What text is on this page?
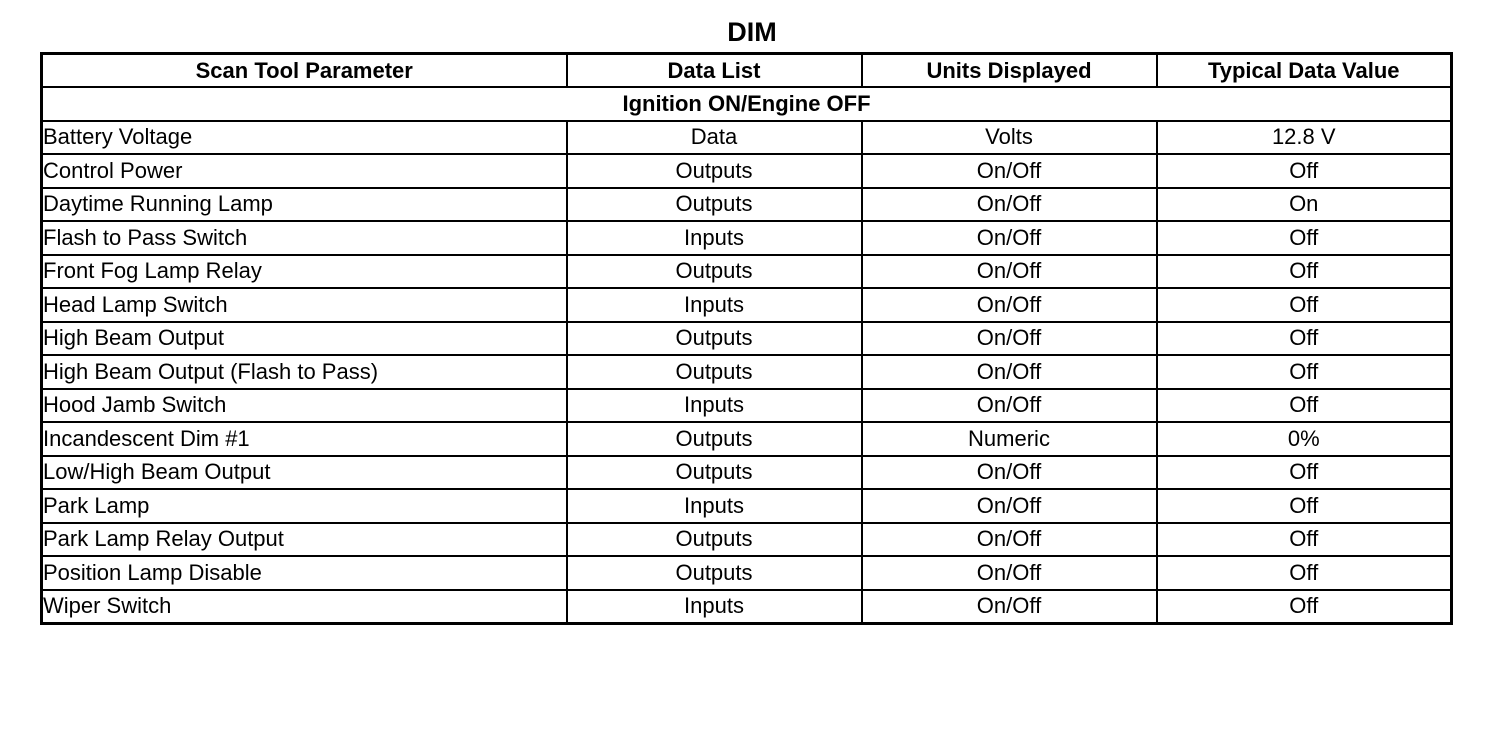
DIM
Scan Tool Parameter	Data List	Units Displayed	Typical Data Value
Ignition ON/Engine OFF			
Battery Voltage	Data	Volts	12.8 V
Control Power	Outputs	On/Off	Off
Daytime Running Lamp	Outputs	On/Off	On
Flash to Pass Switch	Inputs	On/Off	Off
Front Fog Lamp Relay	Outputs	On/Off	Off
Head Lamp Switch	Inputs	On/Off	Off
High Beam Output	Outputs	On/Off	Off
High Beam Output (Flash to Pass)	Outputs	On/Off	Off
Hood Jamb Switch	Inputs	On/Off	Off
Incandescent Dim #1	Outputs	Numeric	0%
Low/High Beam Output	Outputs	On/Off	Off
Park Lamp	Inputs	On/Off	Off
Park Lamp Relay Output	Outputs	On/Off	Off
Position Lamp Disable	Outputs	On/Off	Off
Wiper Switch	Inputs	On/Off	Off
